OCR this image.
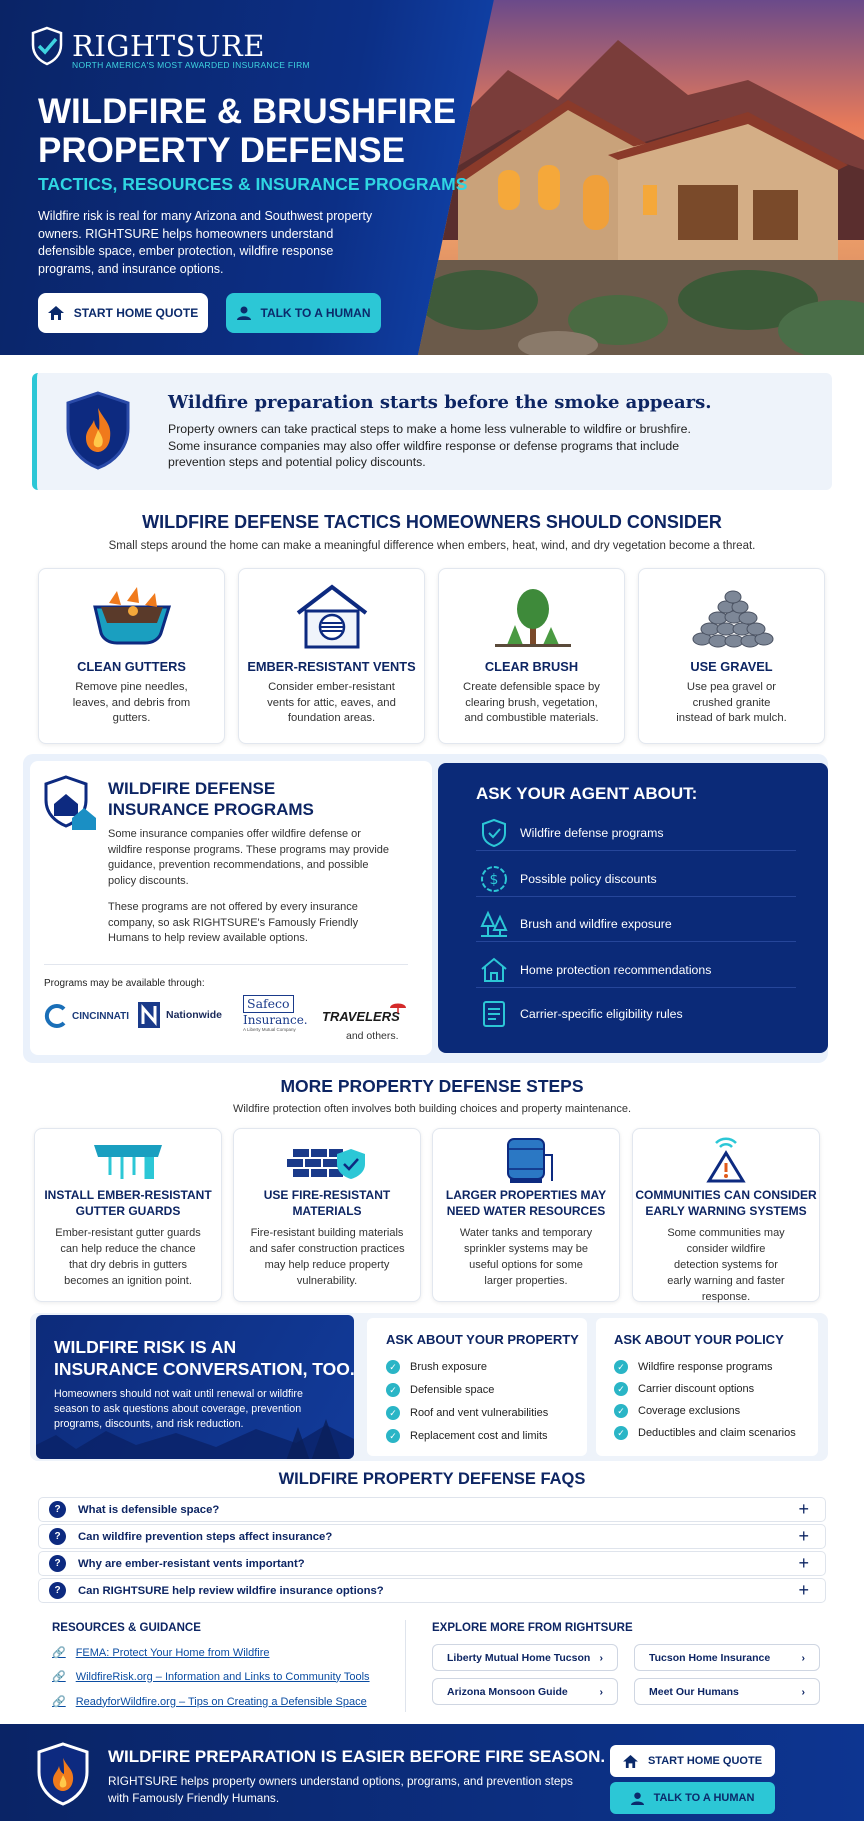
RIGHTSURE
NORTH AMERICA'S MOST AWARDED INSURANCE FIRM
WILDFIRE & BRUSHFIRE PROPERTY DEFENSE
TACTICS, RESOURCES & INSURANCE PROGRAMS
Wildfire risk is real for many Arizona and Southwest property owners. RIGHTSURE helps homeowners understand defensible space, ember protection, wildfire response programs, and insurance options.
START HOME QUOTE	TALK TO A HUMAN
Wildfire preparation starts before the smoke appears.
Property owners can take practical steps to make a home less vulnerable to wildfire or brushfire. Some insurance companies may also offer wildfire response or defense programs that include prevention steps and potential policy discounts.
WILDFIRE DEFENSE TACTICS HOMEOWNERS SHOULD CONSIDER
Small steps around the home can make a meaningful difference when embers, heat, wind, and dry vegetation become a threat.
CLEAN GUTTERS
Remove pine needles, leaves, and debris from gutters.
EMBER-RESISTANT VENTS
Consider ember-resistant vents for attic, eaves, and foundation areas.
CLEAR BRUSH
Create defensible space by clearing brush, vegetation, and combustible materials.
USE GRAVEL
Use pea gravel or crushed granite instead of bark mulch.
WILDFIRE DEFENSE
INSURANCE PROGRAMS
Some insurance companies offer wildfire defense or wildfire response programs. These programs may provide guidance, prevention recommendations, and possible policy discounts.
These programs are not offered by every insurance company, so ask RIGHTSURE's Famously Friendly Humans to help review available options.
Programs may be available through:
CINCINNATI	Nationwide
Safeco
Insurance.
A Liberty Mutual Company
TRAVELERS
and others.
ASK YOUR AGENT ABOUT:
Wildfire defense programs
$ Possible policy discounts
Brush and wildfire exposure
Home protection recommendations
Carrier-specific eligibility rules
MORE PROPERTY DEFENSE STEPS
Wildfire protection often involves both building choices and property maintenance.
INSTALL EMBER-RESISTANT
GUTTER GUARDS
Ember-resistant gutter guards can help reduce the chance that dry debris in gutters becomes an ignition point.
USE FIRE-RESISTANT
MATERIALS
Fire-resistant building materials and safer construction practices may help reduce property vulnerability.
LARGER PROPERTIES MAY
NEED WATER RESOURCES
Water tanks and temporary sprinkler systems may be useful options for some larger properties.
COMMUNITIES CAN CONSIDER
EARLY WARNING SYSTEMS
Some communities may consider wildfire detection systems for early warning and faster response.
WILDFIRE RISK IS AN
INSURANCE CONVERSATION, TOO.
Homeowners should not wait until renewal or wildfire season to ask questions about coverage, prevention programs, discounts, and risk reduction.
ASK ABOUT YOUR PROPERTY
✓ Brush exposure
✓ Defensible space
✓ Roof and vent vulnerabilities
✓ Replacement cost and limits
ASK ABOUT YOUR POLICY
✓ Wildfire response programs
✓ Carrier discount options
✓ Coverage exclusions
✓ Deductibles and claim scenarios
WILDFIRE PROPERTY DEFENSE FAQS
?	What is defensible space?	+
?	Can wildfire prevention steps affect insurance?	+
?	Why are ember-resistant vents important?	+
?	Can RIGHTSURE help review wildfire insurance options?	+
RESOURCES & GUIDANCE
🔗 FEMA: Protect Your Home from Wildfire
🔗 WildfireRisk.org – Information and Links to Community Tools
🔗 ReadyforWildfire.org – Tips on Creating a Defensible Space
EXPLORE MORE FROM RIGHTSURE
Liberty Mutual Home Tucson ›	Tucson Home Insurance	›
Arizona Monsoon Guide	›	Meet Our Humans	›
WILDFIRE PREPARATION IS EASIER BEFORE FIRE SEASON.
RIGHTSURE helps property owners understand options, programs, and prevention steps with Famously Friendly Humans.
START HOME QUOTE
TALK TO A HUMAN
